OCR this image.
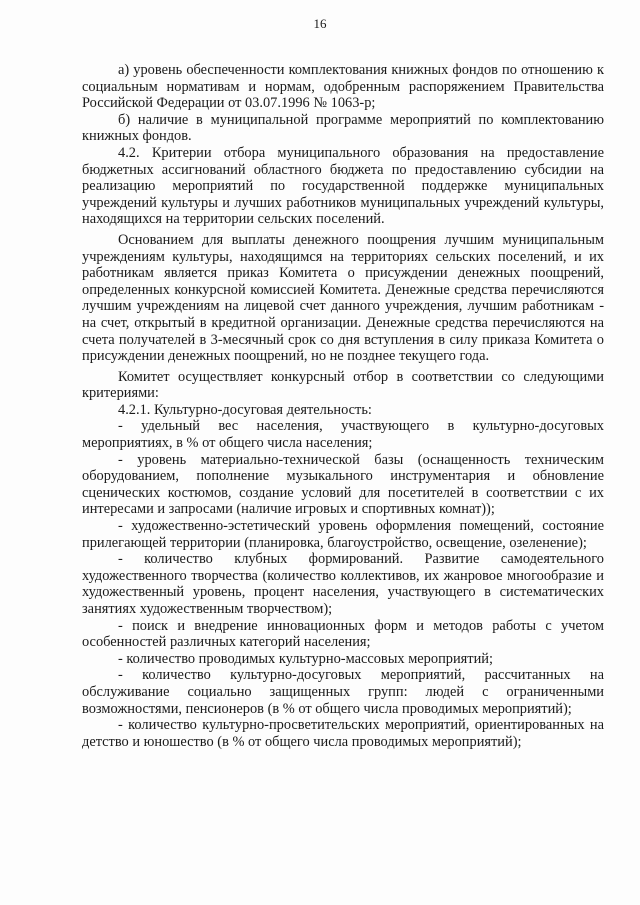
16

а) уровень обеспеченности комплектования книжных фондов по отношению к социальным нормативам и нормам, одобренным распоряжением Правительства Российской Федерации от 03.07.1996 № 1063-р;

б) наличие в муниципальной программе мероприятий по комплектованию книжных фондов.

4.2. Критерии отбора муниципального образования на предоставление бюджетных ассигнований областного бюджета по предоставлению субсидии на реализацию мероприятий по государственной поддержке муниципальных учреждений культуры и лучших работников муниципальных учреждений культуры, находящихся на территории сельских поселений.

Основанием для выплаты денежного поощрения лучшим муниципальным учреждениям культуры, находящимся на территориях сельских поселений, и их работникам является приказ Комитета о присуждении денежных поощрений, определенных конкурсной комиссией Комитета. Денежные средства перечисляются лучшим учреждениям на лицевой счет данного учреждения, лучшим работникам - на счет, открытый в кредитной организации. Денежные средства перечисляются на счета получателей в 3-месячный срок со дня вступления в силу приказа Комитета о присуждении денежных поощрений, но не позднее текущего года.

Комитет осуществляет конкурсный отбор в соответствии со следующими критериями:

4.2.1. Культурно-досуговая деятельность:

- удельный вес населения, участвующего в культурно-досуговых мероприятиях, в % от общего числа населения;

- уровень материально-технической базы (оснащенность техническим оборудованием, пополнение музыкального инструментария и обновление сценических костюмов, создание условий для посетителей в соответствии с их интересами и запросами (наличие игровых и спортивных комнат));

- художественно-эстетический уровень оформления помещений, состояние прилегающей территории (планировка, благоустройство, освещение, озеленение);

- количество клубных формирований. Развитие самодеятельного художественного творчества (количество коллективов, их жанровое многообразие и художественный уровень, процент населения, участвующего в систематических занятиях художественным творчеством);

- поиск и внедрение инновационных форм и методов работы с учетом особенностей различных категорий населения;

- количество проводимых культурно-массовых мероприятий;

- количество культурно-досуговых мероприятий, рассчитанных на обслуживание социально защищенных групп: людей с ограниченными возможностями, пенсионеров (в % от общего числа проводимых мероприятий);

- количество культурно-просветительских мероприятий, ориентированных на детство и юношество (в % от общего числа проводимых мероприятий);
